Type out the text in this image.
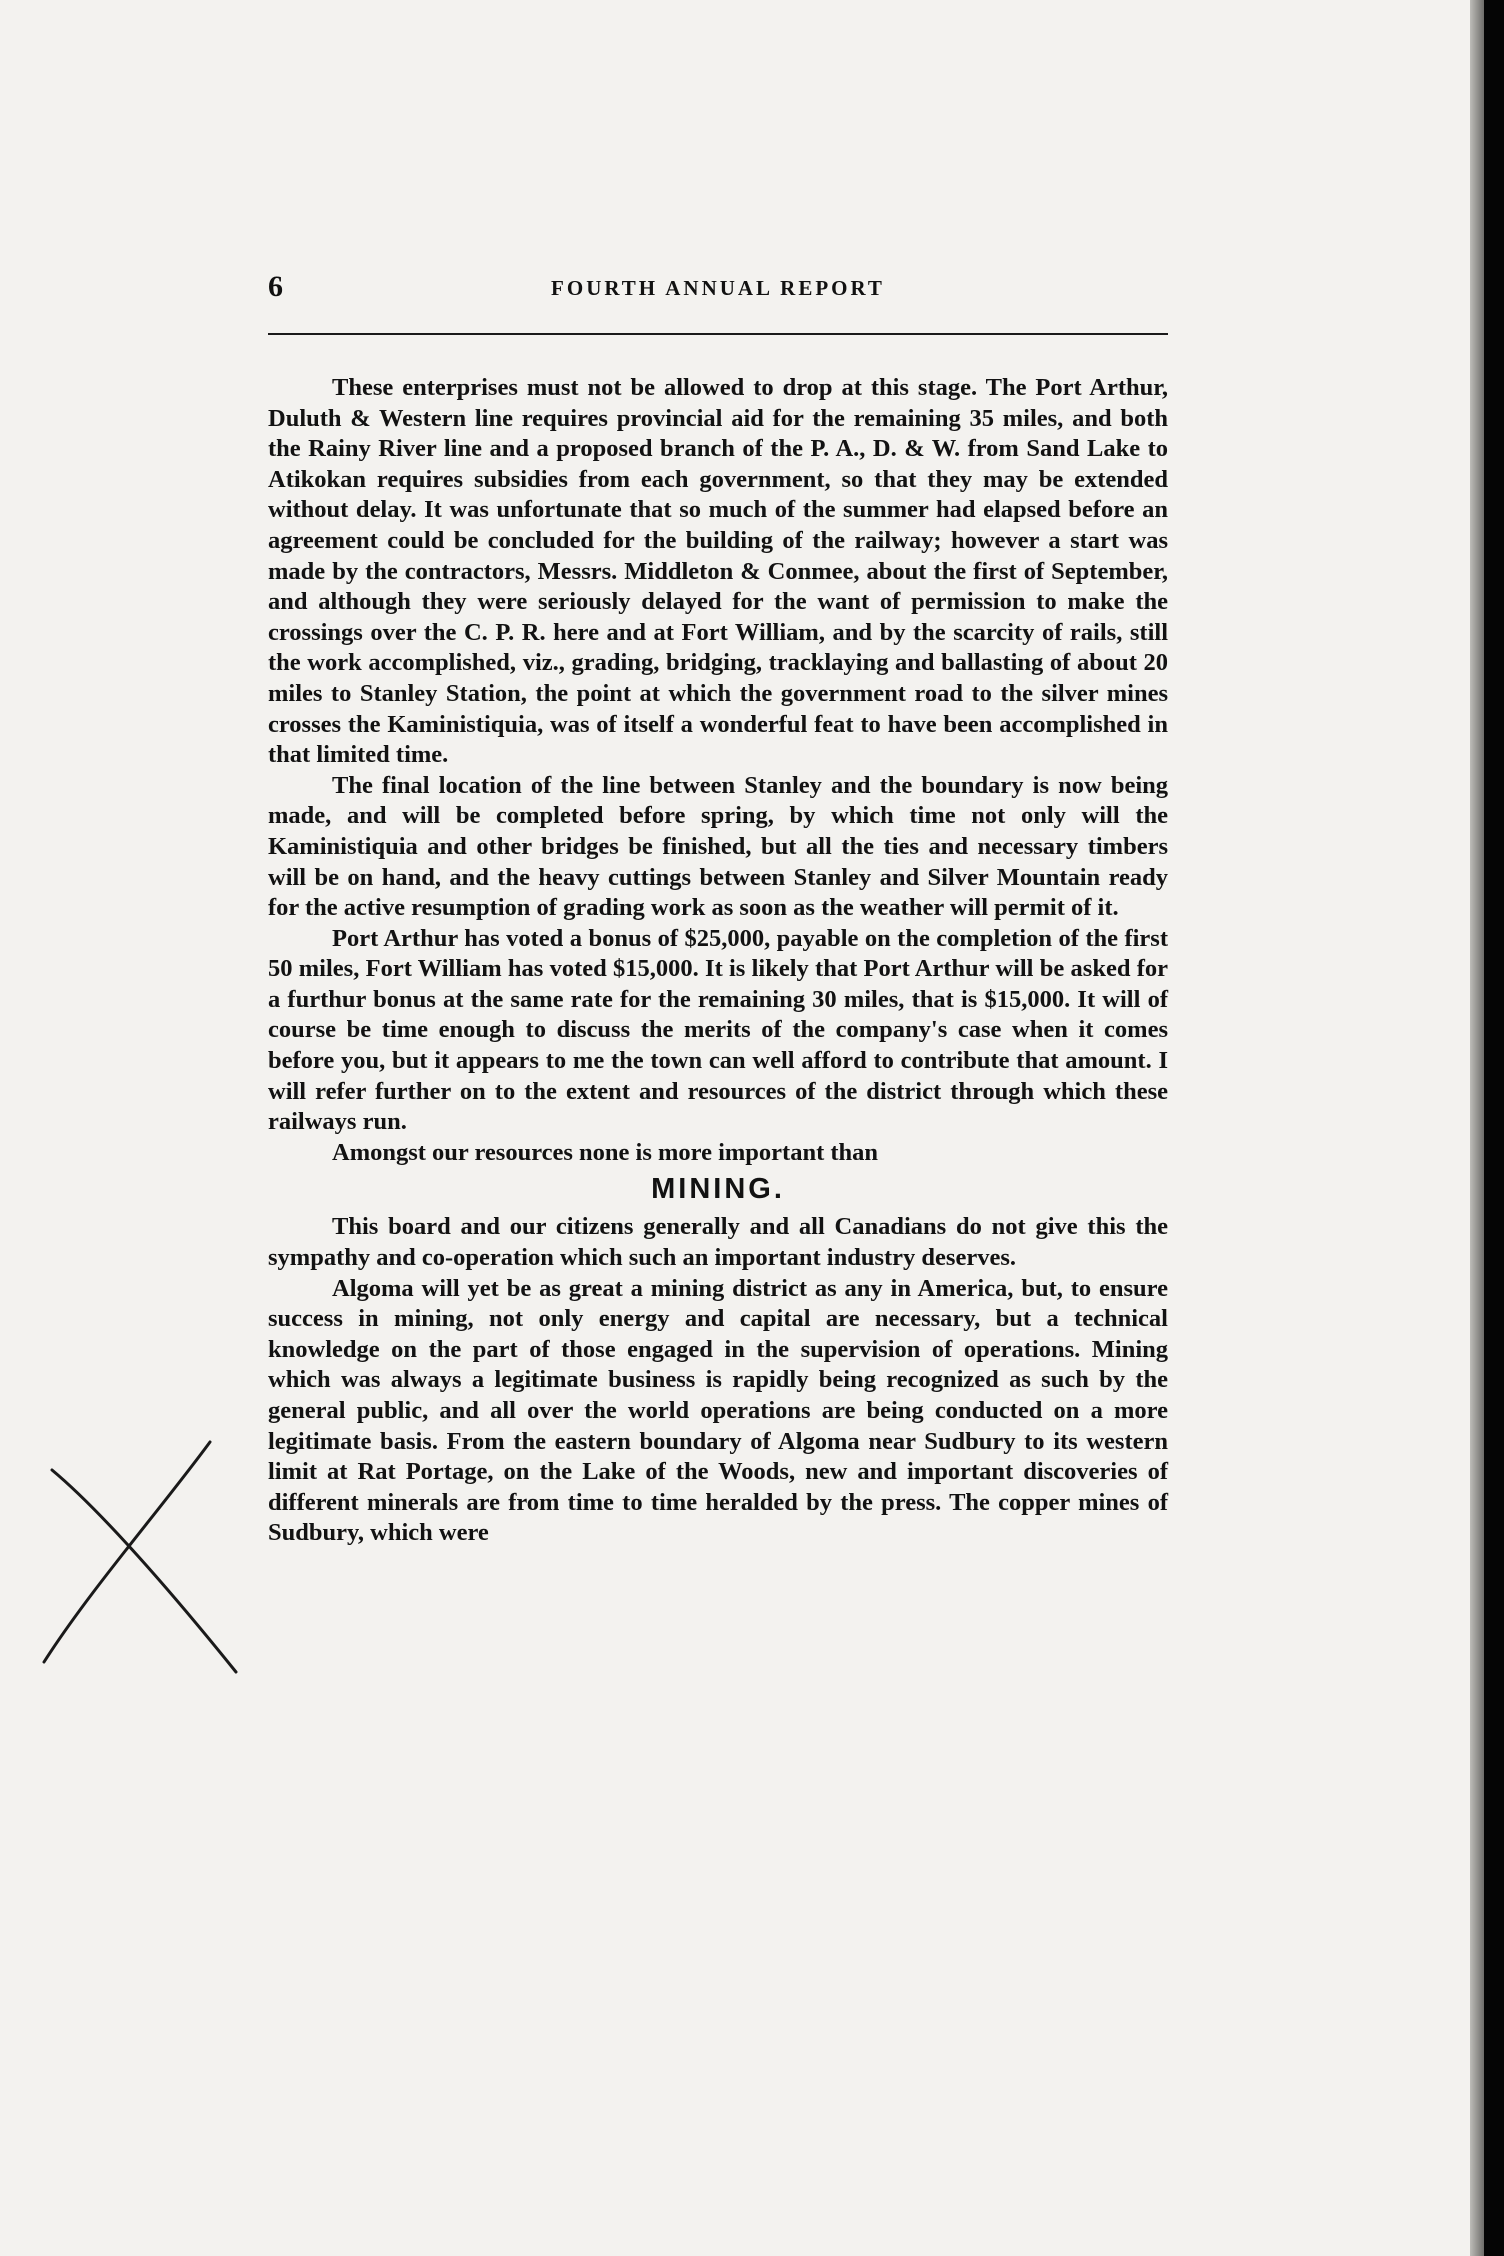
6	FOURTH ANNUAL REPORT

These enterprises must not be allowed to drop at this stage. The Port Arthur, Duluth & Western line requires provincial aid for the remaining 35 miles, and both the Rainy River line and a proposed branch of the P. A., D. & W. from Sand Lake to Atikokan requires subsidies from each government, so that they may be extended without delay. It was unfortunate that so much of the summer had elapsed before an agreement could be concluded for the building of the railway; however a start was made by the contractors, Messrs. Middleton & Conmee, about the first of September, and although they were seriously delayed for the want of permission to make the crossings over the C. P. R. here and at Fort William, and by the scarcity of rails, still the work accomplished, viz., grading, bridging, tracklaying and ballasting of about 20 miles to Stanley Station, the point at which the government road to the silver mines crosses the Kaministiquia, was of itself a wonderful feat to have been accomplished in that limited time.

The final location of the line between Stanley and the boundary is now being made, and will be completed before spring, by which time not only will the Kaministiquia and other bridges be finished, but all the ties and necessary timbers will be on hand, and the heavy cuttings between Stanley and Silver Mountain ready for the active resumption of grading work as soon as the weather will permit of it.

Port Arthur has voted a bonus of $25,000, payable on the completion of the first 50 miles, Fort William has voted $15,000. It is likely that Port Arthur will be asked for a furthur bonus at the same rate for the remaining 30 miles, that is $15,000. It will of course be time enough to discuss the merits of the company's case when it comes before you, but it appears to me the town can well afford to contribute that amount. I will refer further on to the extent and resources of the district through which these railways run.

Amongst our resources none is more important than

MINING.

This board and our citizens generally and all Canadians do not give this the sympathy and co-operation which such an important industry deserves.

Algoma will yet be as great a mining district as any in America, but, to ensure success in mining, not only energy and capital are necessary, but a technical knowledge on the part of those engaged in the supervision of operations. Mining which was always a legitimate business is rapidly being recognized as such by the general public, and all over the world operations are being conducted on a more legitimate basis. From the eastern boundary of Algoma near Sudbury to its western limit at Rat Portage, on the Lake of the Woods, new and important discoveries of different minerals are from time to time heralded by the press. The copper mines of Sudbury, which were
